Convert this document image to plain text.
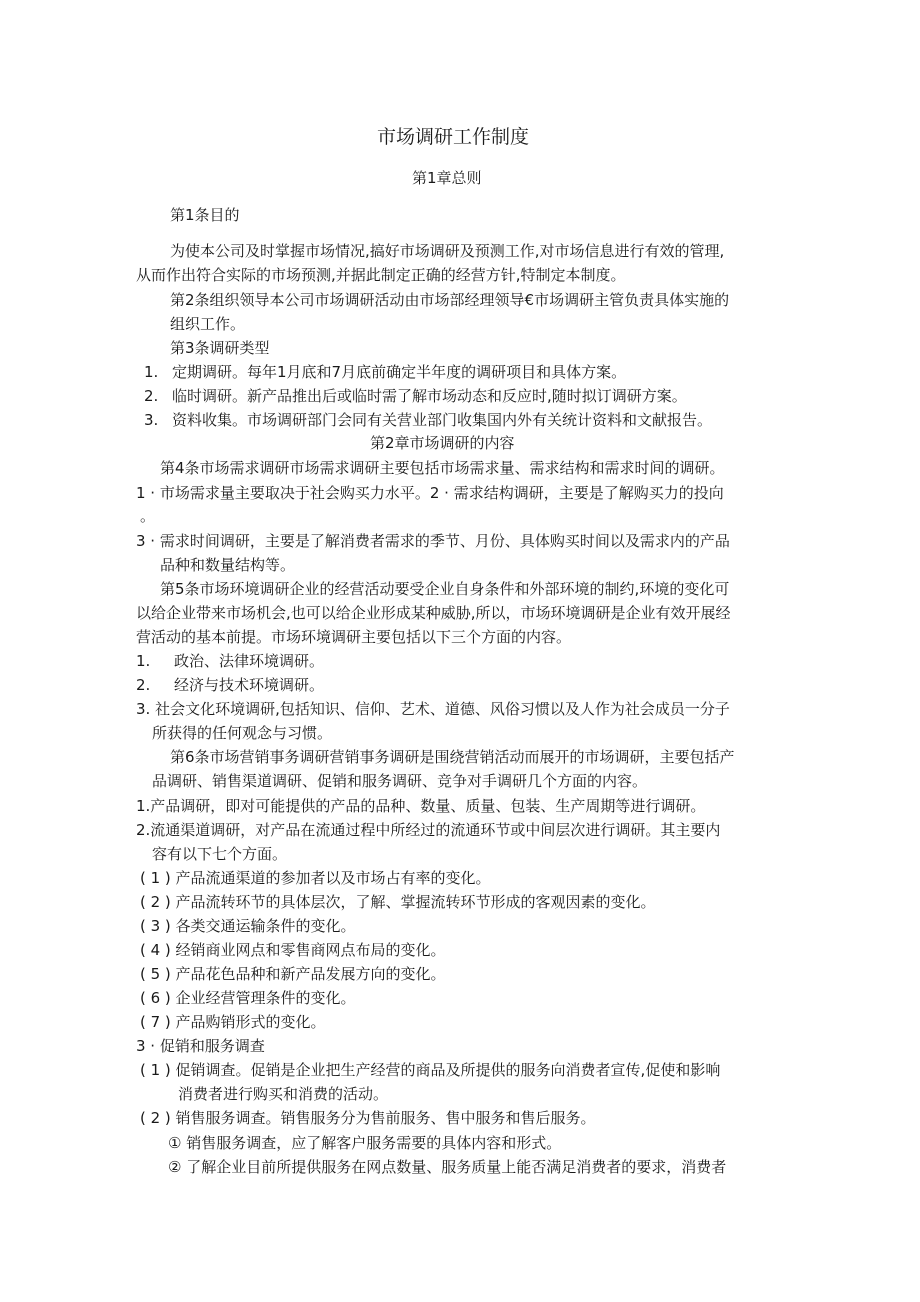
市场调研工作制度
第1章总则
第1条目的
为使本公司及时掌握市场情况,搞好市场调研及预测工作,对市场信息进行有效的管理,
从而作出符合实际的市场预测,并据此制定正确的经营方针,特制定本制度。
第2条组织领导本公司市场调研活动由市场部经理领导€市场调研主管负责具体实施的
组织工作。
第3条调研类型
1. 定期调研。每年1月底和7月底前确定半年度的调研项目和具体方案。
2. 临时调研。新产品推出后或临时需了解市场动态和反应时,随时拟订调研方案。
3. 资料收集。市场调研部门会同有关营业部门收集国内外有关统计资料和文献报告。
第2章市场调研的内容
第4条市场需求调研市场需求调研主要包括市场需求量、需求结构和需求时间的调研。
1 · 市场需求量主要取决于社会购买力水平。2 · 需求结构调研，主要是了解购买力的投向
。
3 · 需求时间调研，主要是了解消费者需求的季节、月份、具体购买时间以及需求内的产品
品种和数量结构等。
第5条市场环境调研企业的经营活动要受企业自身条件和外部环境的制约,环境的变化可
以给企业带来市场机会,也可以给企业形成某种威胁,所以，市场环境调研是企业有效开展经
营活动的基本前提。市场环境调研主要包括以下三个方面的内容。
1. 政治、法律环境调研。
2. 经济与技术环境调研。
3. 社会文化环境调研,包括知识、信仰、艺术、道德、风俗习惯以及人作为社会成员一分子
所获得的任何观念与习惯。
第6条市场营销事务调研营销事务调研是围绕营销活动而展开的市场调研，主要包括产
品调研、销售渠道调研、促销和服务调研、竞争对手调研几个方面的内容。
1.产品调研，即对可能提供的产品的品种、数量、质量、包装、生产周期等进行调研。
2.流通渠道调研，对产品在流通过程中所经过的流通环节或中间层次进行调研。其主要内
容有以下七个方面。
( 1 ) 产品流通渠道的参加者以及市场占有率的变化。
( 2 ) 产品流转环节的具体层次，了解、掌握流转环节形成的客观因素的变化。
( 3 ) 各类交通运输条件的变化。
( 4 ) 经销商业网点和零售商网点布局的变化。
( 5 ) 产品花色品种和新产品发展方向的变化。
( 6 ) 企业经营管理条件的变化。
( 7 ) 产品购销形式的变化。
3 · 促销和服务调查
( 1 ) 促销调查。促销是企业把生产经营的商品及所提供的服务向消费者宣传,促使和影响
消费者进行购买和消费的活动。
( 2 ) 销售服务调查。销售服务分为售前服务、售中服务和售后服务。
① 销售服务调查，应了解客户服务需要的具体内容和形式。
② 了解企业目前所提供服务在网点数量、服务质量上能否满足消费者的要求，消费者
